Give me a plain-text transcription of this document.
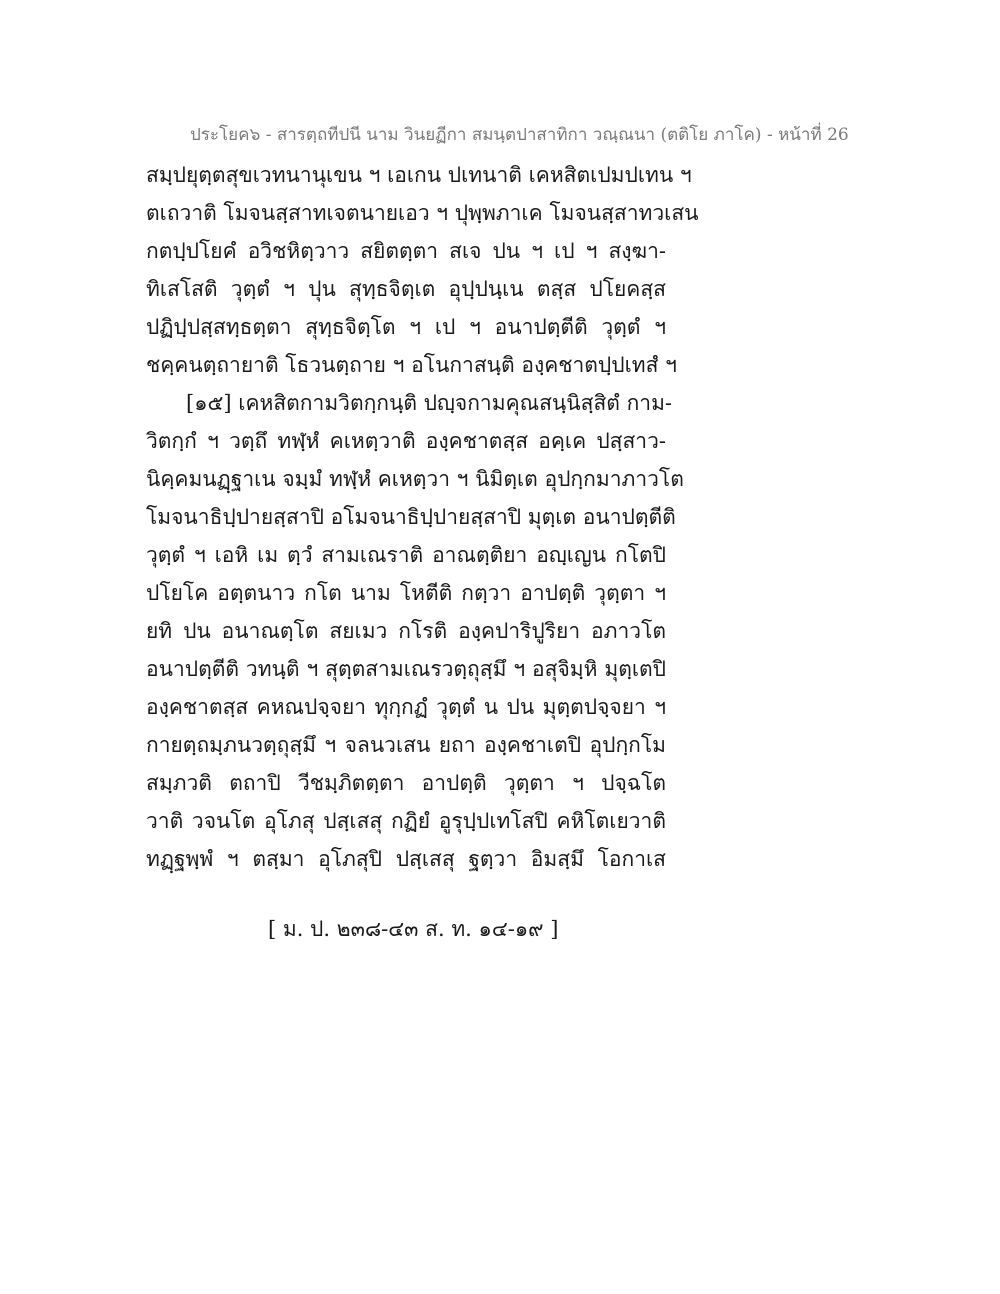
ประโยค๖ - สารตฺถทีปนี นาม วินยฏีกา สมนฺตปาสาทิกา วณฺณนา (ตติโย ภาโค) - หน้าที่ 26
สมฺปยุตฺตสุขเวทนานุเขน ฯ เอเกน ปเทนาติ เคหสิตเปมปเทน ฯ
ตเถวาติ โมจนสฺสาทเจตนายเอว ฯ ปุพฺพภาเค โมจนสฺสาทวเสน
กตปฺปโยคํ อวิชหิตฺวาว สยิตตฺตา สเจ ปน ฯ เป ฯ สงฺฆา-
ทิเสโสติ วุตฺตํ ฯ ปุน สุทฺธจิตฺเต อุปฺปนฺเน ตสฺส ปโยคสฺส
ปฏิปฺปสฺสทฺธตฺตา สุทฺธจิตฺโต ฯ เป ฯ อนาปตฺตีติ วุตฺตํ ฯ
ชคฺคนตฺถายาติ โธวนตฺถาย ฯ อโนกาสนฺติ องฺคชาตปฺปเทสํ ฯ
[๑๕] เคหสิตกามวิตกฺกนฺติ ปญฺจกามคุณสนฺนิสฺสิตํ กาม-
วิตกฺกํ ฯ วตฺถึ ทฬฺหํ คเหตฺวาติ องฺคชาตสฺส อคฺเค ปสฺสาว-
นิคฺคมนฏฺฐาเน จมฺมํ ทฬฺหํ คเหตฺวา ฯ นิมิตฺเต อุปกฺกมาภาวโต
โมจนาธิปฺปายสฺสาปิ อโมจนาธิปฺปายสฺสาปิ มุตฺเต อนาปตฺตีติ
วุตฺตํ ฯ เอหิ เม ตฺวํ สามเณราติ อาณตฺติยา อญฺเญน กโตปิ
ปโยโค อตฺตนาว กโต นาม โหตีติ กตฺวา อาปตฺติ วุตฺตา ฯ
ยทิ ปน อนาณตฺโต สยเมว กโรติ องฺคปาริปูริยา อภาวโต
อนาปตฺตีติ วทนฺติ ฯ สุตฺตสามเณรวตฺถุสฺมึ ฯ อสุจิมฺหิ มุตฺเตปิ
องฺคชาตสฺส คหณปจฺจยา ทุกฺกฏํ วุตฺตํ น ปน มุตฺตปจฺจยา ฯ
กายตฺถมฺภนวตฺถุสฺมึ ฯ จลนวเสน ยถา องฺคชาเตปิ อุปกฺกโม
สมฺภวติ ตถาปิ วีชมฺภิตตฺตา อาปตฺติ วุตฺตา ฯ ปจฺฉโต
วาติ วจนโต อุโภสุ ปสฺเสสุ กฏิยํ อูรุปฺปเทโสปิ คหิโตเยวาติ
ทฏฺฐพฺพํ ฯ ตสฺมา อุโภสุปิ ปสฺเสสุ ฐตฺวา อิมสฺมึ โอกาเส
[ ม. ป. ๒๓๘-๔๓ ส. ท. ๑๔-๑๙ ]
